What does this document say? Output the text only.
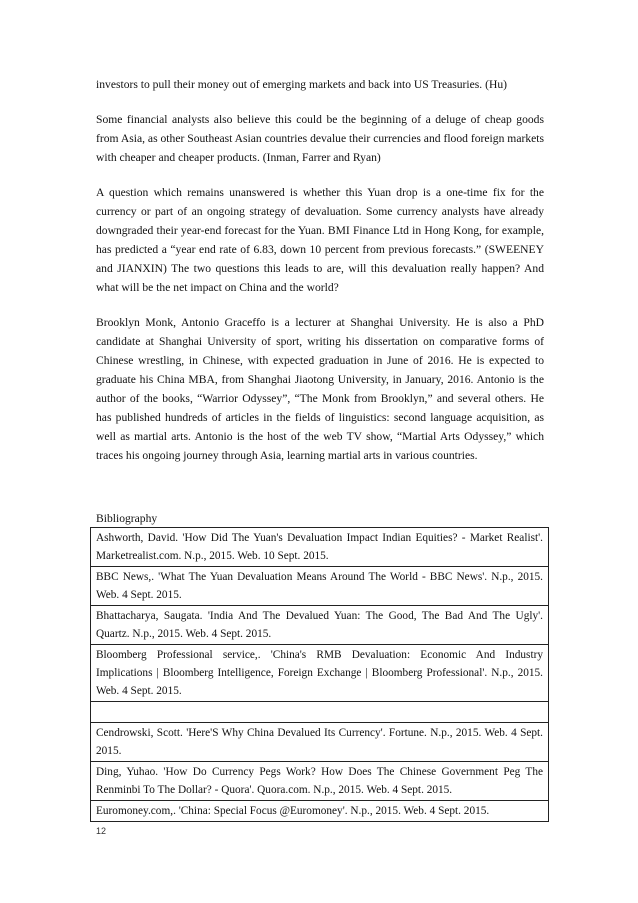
investors to pull their money out of emerging markets and back into US Treasuries. (Hu)

Some financial analysts also believe this could be the beginning of a deluge of cheap goods from Asia, as other Southeast Asian countries devalue their currencies and flood foreign markets with cheaper and cheaper products. (Inman, Farrer and Ryan)

A question which remains unanswered is whether this Yuan drop is a one-time fix for the currency or part of an ongoing strategy of devaluation. Some currency analysts have already downgraded their year-end forecast for the Yuan. BMI Finance Ltd in Hong Kong, for example, has predicted a “year end rate of 6.83, down 10 percent from previous forecasts.” (SWEENEY and JIANXIN) The two questions this leads to are, will this devaluation really happen? And what will be the net impact on China and the world?

Brooklyn Monk, Antonio Graceffo is a lecturer at Shanghai University. He is also a PhD candidate at Shanghai University of sport, writing his dissertation on comparative forms of Chinese wrestling, in Chinese, with expected graduation in June of 2016. He is expected to graduate his China MBA, from Shanghai Jiaotong University, in January, 2016. Antonio is the author of the books, “Warrior Odyssey”, “The Monk from Brooklyn,” and several others. He has published hundreds of articles in the fields of linguistics: second language acquisition, as well as martial arts. Antonio is the host of the web TV show, “Martial Arts Odyssey,” which traces his ongoing journey through Asia, learning martial arts in various countries.

Bibliography
Ashworth, David. 'How Did The Yuan's Devaluation Impact Indian Equities? - Market Realist'. Marketrealist.com. N.p., 2015. Web. 10 Sept. 2015.
BBC News,. 'What The Yuan Devaluation Means Around The World - BBC News'. N.p., 2015. Web. 4 Sept. 2015.
Bhattacharya, Saugata. 'India And The Devalued Yuan: The Good, The Bad And The Ugly'. Quartz. N.p., 2015. Web. 4 Sept. 2015.
Bloomberg Professional service,. 'China's RMB Devaluation: Economic And Industry Implications | Bloomberg Intelligence, Foreign Exchange | Bloomberg Professional'. N.p., 2015. Web. 4 Sept. 2015.

Cendrowski, Scott. 'Here'S Why China Devalued Its Currency'. Fortune. N.p., 2015. Web. 4 Sept. 2015.
Ding, Yuhao. 'How Do Currency Pegs Work? How Does The Chinese Government Peg The Renminbi To The Dollar? - Quora'. Quora.com. N.p., 2015. Web. 4 Sept. 2015.
Euromoney.com,. 'China: Special Focus @Euromoney'. N.p., 2015. Web. 4 Sept. 2015.
12
